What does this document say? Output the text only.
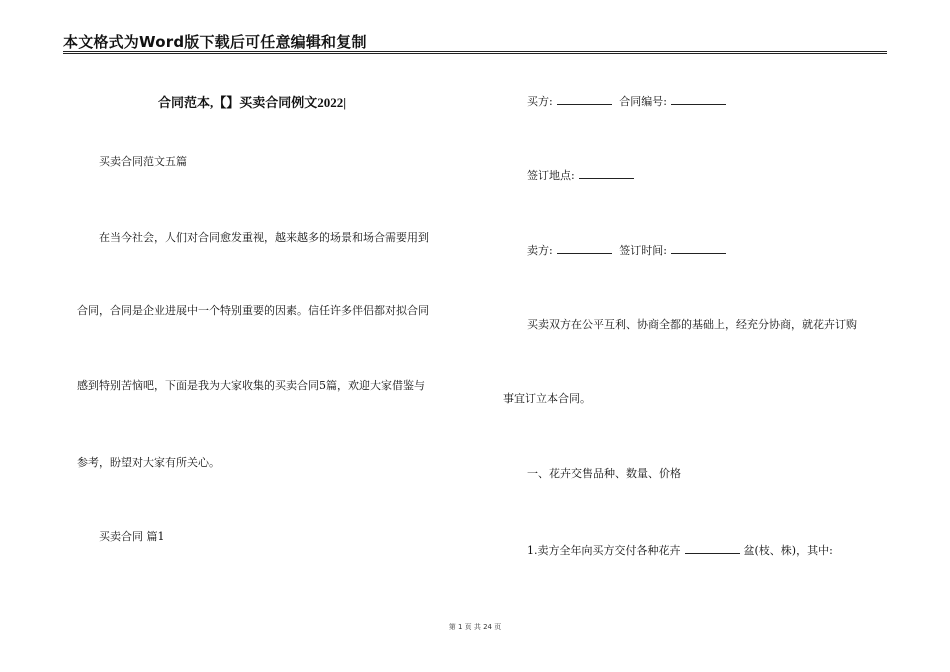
本文格式为Word版下载后可任意编辑和复制
合同范本,【】买卖合同例文2022|
买卖合同范文五篇
在当今社会，人们对合同愈发重视，越来越多的场景和场合需要用到
合同，合同是企业进展中一个特别重要的因素。信任许多伴侣都对拟合同
感到特别苦恼吧，下面是我为大家收集的买卖合同5篇，欢迎大家借鉴与
参考，盼望对大家有所关心。
买卖合同 篇1
买方:	合同编号:
签订地点:
卖方:	签订时间:
买卖双方在公平互利、协商全都的基础上，经充分协商，就花卉订购
事宜订立本合同。
一、花卉交售品种、数量、价格
1.卖方全年向买方交付各种花卉	盆(枝、株)，其中:
第 1 页 共 24 页
